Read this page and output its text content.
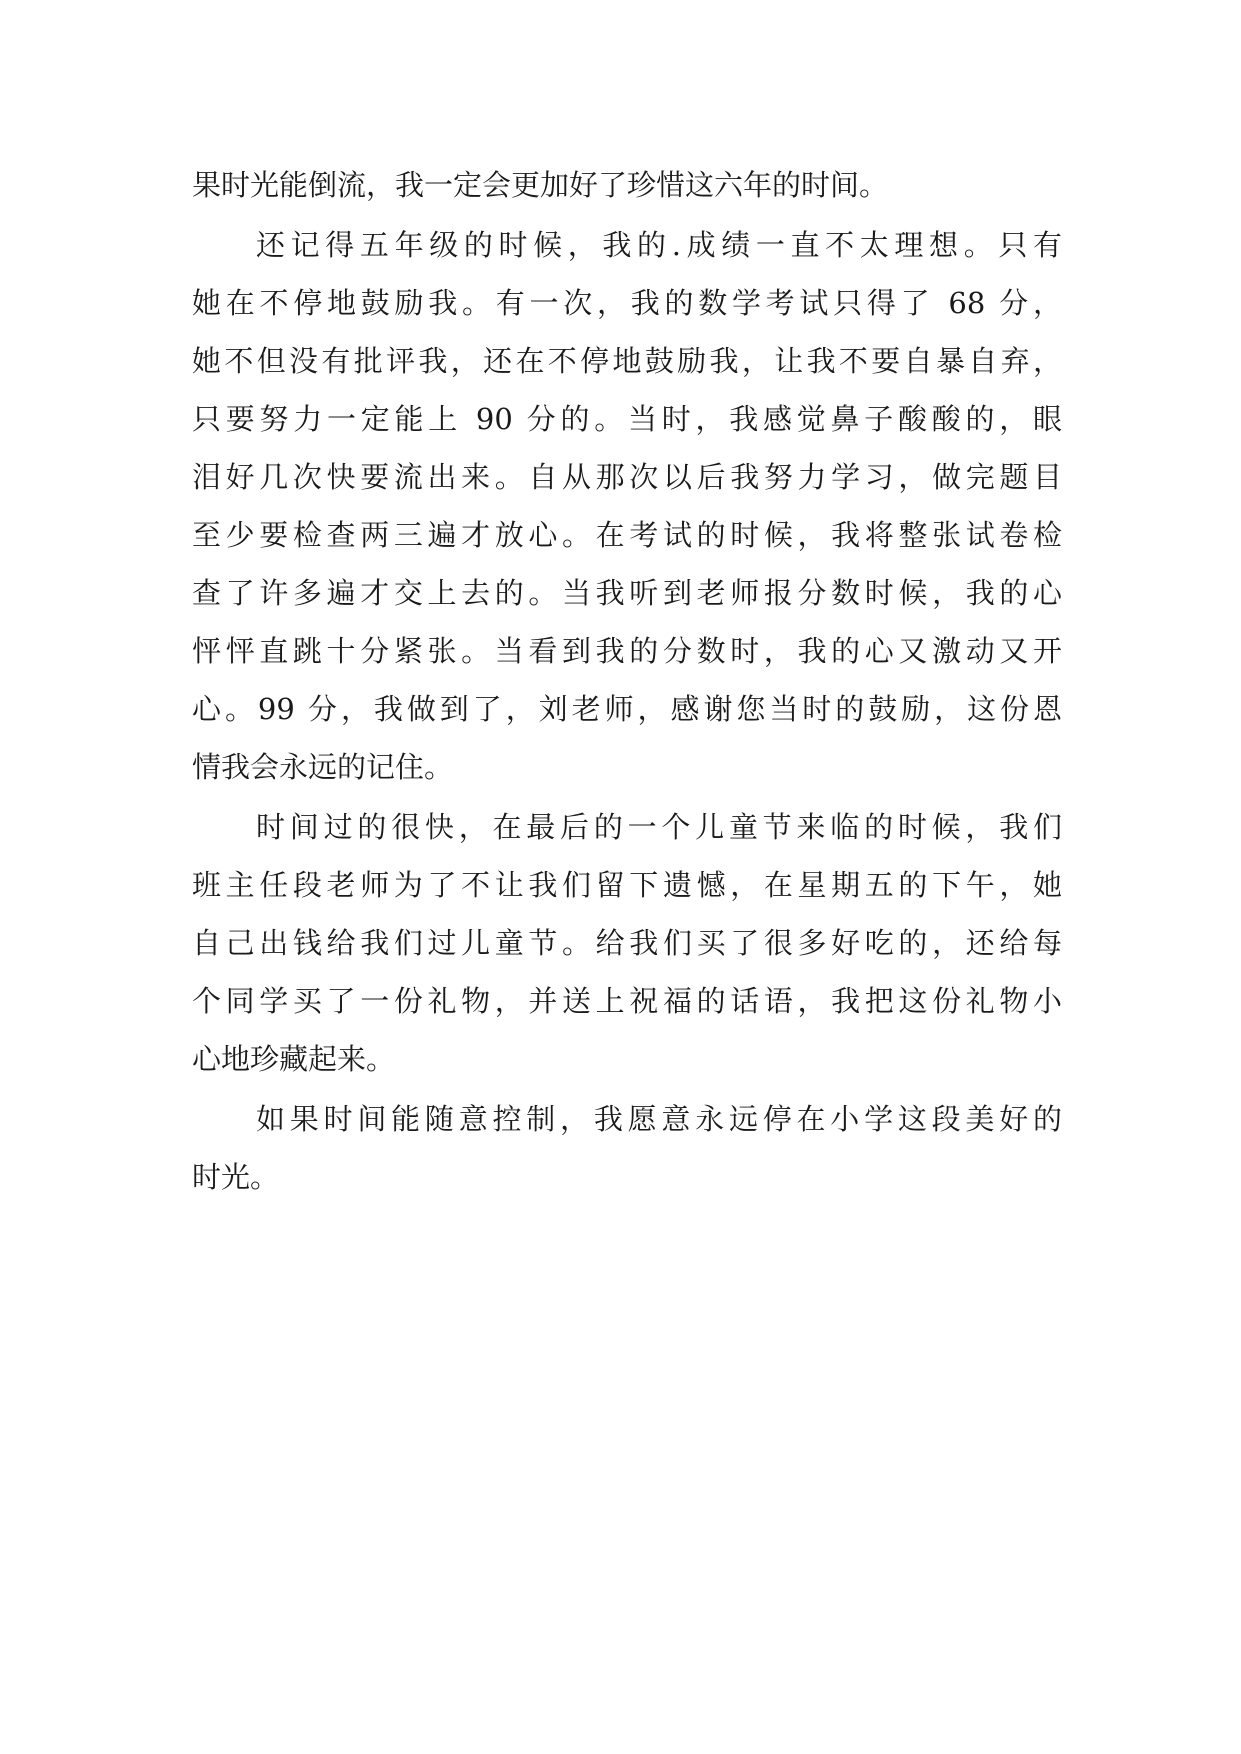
果时光能倒流，我一定会更加好了珍惜这六年的时间。
还记得五年级的时候，我的.成绩一直不太理想。只有
她在不停地鼓励我。有一次，我的数学考试只得了 68 分，
她不但没有批评我，还在不停地鼓励我，让我不要自暴自弃，
只要努力一定能上 90 分的。当时，我感觉鼻子酸酸的，眼
泪好几次快要流出来。自从那次以后我努力学习，做完题目
至少要检查两三遍才放心。在考试的时候，我将整张试卷检
查了许多遍才交上去的。当我听到老师报分数时候，我的心
怦怦直跳十分紧张。当看到我的分数时，我的心又激动又开
心。99 分，我做到了，刘老师，感谢您当时的鼓励，这份恩
情我会永远的记住。
时间过的很快，在最后的一个儿童节来临的时候，我们
班主任段老师为了不让我们留下遗憾，在星期五的下午，她
自己出钱给我们过儿童节。给我们买了很多好吃的，还给每
个同学买了一份礼物，并送上祝福的话语，我把这份礼物小
心地珍藏起来。
如果时间能随意控制，我愿意永远停在小学这段美好的
时光。
